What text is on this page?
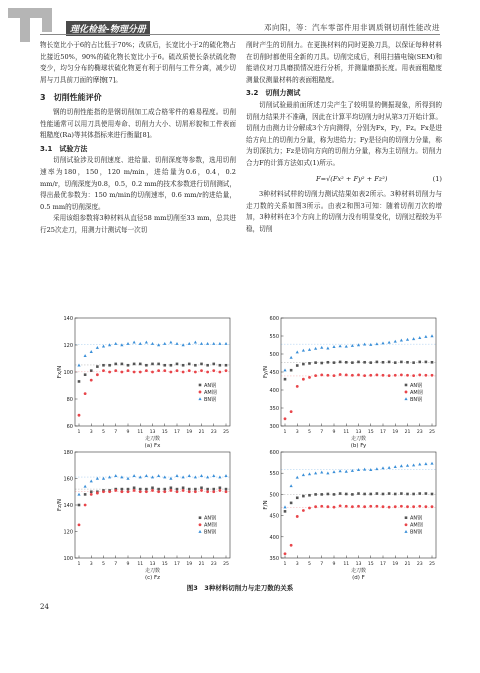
理化检验-物理分册	邓向阳，等：汽车零部件用非调质钢切削性能改进

物长宽比小于6的占比低于70%；改质后，长宽比小于2的硫化物占比接近50%，90%的硫化物长宽比小于6。硫改质使长条状硫化物变少，均匀分布的椭球状硫化物更有利于切削与工件分离，减少切屑与刀具前刀面的摩擦[7]。

3　切削性能评价

钢的切削性能指的是钢切削加工成合格零件的难易程度。切削性能通常可以用刀具使用寿命、切削力大小、切屑形貌和工件表面粗糙度(Ra)等其体指标来进行衡量[8]。

3.1　试验方法

切削试验涉及切削速度、进给量、切削深度等参数，选用切削速率为180，150，120 m/min，进给量为0.6，0.4，0.2 mm/r，切削深度为0.8，0.5，0.2 mm的技术参数进行切削测试，得出最优参数为：150 m/min的切削速率，0.6 mm/r的进给量，0.5 mm的切削深度。

采用该组参数将3种材料从直径58 mm切削至33 mm，总共进行25次走刀，用测力计测试每一次切

削时产生的切削力。在更换材料的同时更换刀具，以保证每种材料在切削时都使用全新的刀具。切削完成后，利用扫描电镜(SEM)和能谱仪对刀具磨损情况进行分析，并测量磨损长度。用表面粗糙度测量仪测量材料的表面粗糙度。

3.2　切削力测试

切削试验最前面所述刀尖产生了较明显的侧振现象，所得到的切削力结果并不准确，因此在计算平均切削力时从第3刀开始计算。切削力由测力计分解成3个方向测得，分别为Fx，Fy，Fz。Fx是进给方向上的切削力分量，称为进给力；Fy是径向的切削力分量，称为切深抗力；Fz是切向方向的切削力分量，称为主切削力。切削力合力F的计算方法如式(1)所示。

F=√(Fx² + Fy² + Fz²)	(1)

3种材料试样的切削力测试结果如表2所示。3种材料切削力与走刀数的关系如图3所示。由表2和图3可知：随着切削刀次的增加，3种材料在3个方向上的切削力没有明显变化，切削过程较为平稳，切削

60
80
100
120
140
1 3 5 7 9 11 13 15 17 19 21 23 25
走刀数
(a) Fx
Fx/N
AN钢
AM钢
BN钢
300
350
400
450
500
550
600
1 3 5 7 9 11 13 15 17 19 21 23 25
走刀数
(b) Fy
Fy/N
AN钢
AM钢
BN钢
100
120
140
160
180
1 3 5 7 9 11 13 15 17 19 21 23 25
走刀数
(c) Fz
Fz/N
AN钢
AM钢
BN钢
350
400
450
500
550
600
1 3 5 7 9 11 13 15 17 19 21 23 25
走刀数
(d) F
F/N
AN钢
AM钢
BN钢
图3　3种材料切削力与走刀数的关系
24
